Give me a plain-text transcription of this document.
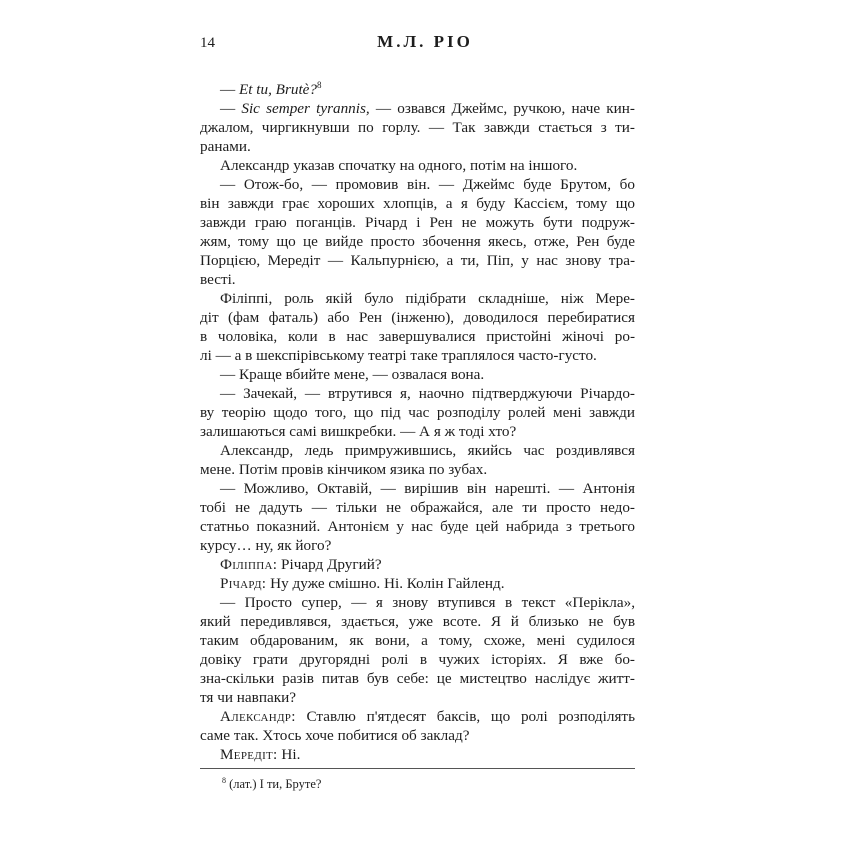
14	М.Л. РІО
— Et tu, Brutè?$^8$
— Sic semper tyrannis, — озвався Джеймс, ручкою, наче кин-
джалом, чиргикнувши по горлу. — Так завжди стається з ти-
ранами.
Александр указав спочатку на одного, потім на іншого.
— Отож-бо, — промовив він. — Джеймс буде Брутом, бо
він завжди грає хороших хлопців, а я буду Кассієм, тому що
завжди граю поганців. Річард і Рен не можуть бути подруж-
жям, тому що це вийде просто збочення якесь, отже, Рен буде
Порцією, Мередіт — Кальпурнією, а ти, Піп, у нас знову тра-
весті.
Філіппі, роль якій було підібрати складніше, ніж Мере-
діт (фам фаталь) або Рен (інженю), доводилося перебиратися
в чоловіка, коли в нас завершувалися пристойні жіночі ро-
лі — а в шекспірівському театрі таке траплялося часто-густо.
— Краще вбийте мене, — озвалася вона.
— Зачекай, — втрутився я, наочно підтверджуючи Річардо-
ву теорію щодо того, що під час розподілу ролей мені завжди
залишаються самі вишкребки. — А я ж тоді хто?
Александр, ледь примружившись, якийсь час роздивлявся
мене. Потім провів кінчиком язика по зубах.
— Можливо, Октавій, — вирішив він нарешті. — Антонія
тобі не дадуть — тільки не ображайся, але ти просто недо-
статньо показний. Антонієм у нас буде цей набрида з третього
курсу… ну, як його?
Філіппа: Річард Другий?
Річард: Ну дуже смішно. Ні. Колін Гайленд.
— Просто супер, — я знову втупився в текст «Перікла»,
який передивлявся, здається, уже всоте. Я й близько не був
таким обдарованим, як вони, а тому, схоже, мені судилося
довіку грати другорядні ролі в чужих історіях. Я вже бо-
зна-скільки разів питав був себе: це мистецтво наслідує житт-
тя чи навпаки?
Александр: Ставлю п'ятдесят баксів, що ролі розподілять
саме так. Хтось хоче побитися об заклад?
Мередіт: Ні.
$^8$ (лат.) І ти, Бруте?
